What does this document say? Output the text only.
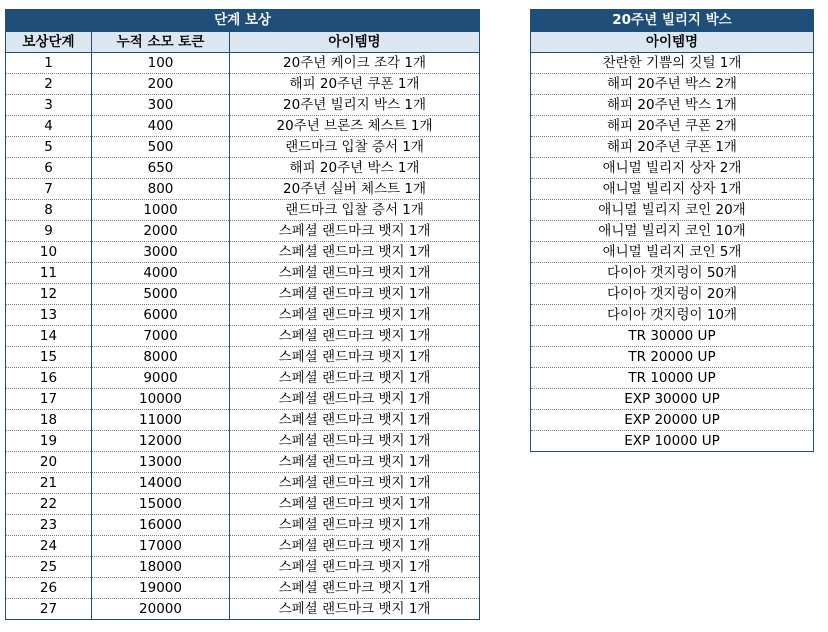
단계 보상		
보상단계	누적 소모 토큰	아이템명
1	100	20주년 케이크 조각 1개
2	200	해피 20주년 쿠폰 1개
3	300	20주년 빌리지 박스 1개
4	400	20주년 브론즈 체스트 1개
5	500	랜드마크 입찰 증서 1개
6	650	해피 20주년 박스 1개
7	800	20주년 실버 체스트 1개
8	1000	랜드마크 입찰 증서 1개
9	2000	스페셜 랜드마크 뱃지 1개
10	3000	스페셜 랜드마크 뱃지 1개
11	4000	스페셜 랜드마크 뱃지 1개
12	5000	스페셜 랜드마크 뱃지 1개
13	6000	스페셜 랜드마크 뱃지 1개
14	7000	스페셜 랜드마크 뱃지 1개
15	8000	스페셜 랜드마크 뱃지 1개
16	9000	스페셜 랜드마크 뱃지 1개
17	10000	스페셜 랜드마크 뱃지 1개
18	11000	스페셜 랜드마크 뱃지 1개
19	12000	스페셜 랜드마크 뱃지 1개
20	13000	스페셜 랜드마크 뱃지 1개
21	14000	스페셜 랜드마크 뱃지 1개
22	15000	스페셜 랜드마크 뱃지 1개
23	16000	스페셜 랜드마크 뱃지 1개
24	17000	스페셜 랜드마크 뱃지 1개
25	18000	스페셜 랜드마크 뱃지 1개
26	19000	스페셜 랜드마크 뱃지 1개
27	20000	스페셜 랜드마크 뱃지 1개
20주년 빌리지 박스
아이템명
찬란한 기쁨의 깃털 1개
해피 20주년 박스 2개
해피 20주년 박스 1개
해피 20주년 쿠폰 2개
해피 20주년 쿠폰 1개
애니멀 빌리지 상자 2개
애니멀 빌리지 상자 1개
애니멀 빌리지 코인 20개
애니멀 빌리지 코인 10개
애니멀 빌리지 코인 5개
다이아 갯지렁이 50개
다이아 갯지렁이 20개
다이아 갯지렁이 10개
TR 30000 UP
TR 20000 UP
TR 10000 UP
EXP 30000 UP
EXP 20000 UP
EXP 10000 UP
